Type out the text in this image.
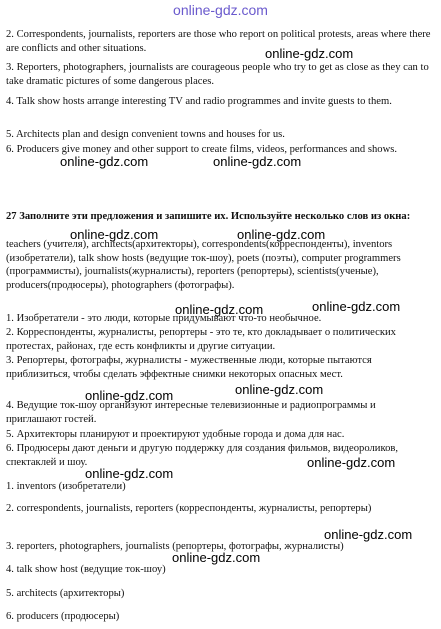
online-gdz.com

2. Correspondents, journalists, reporters are those who report on political protests, areas where there are conflicts and other situations.

3. Reporters, photographers, journalists are courageous people who try to get as close as they can to take dramatic pictures of some dangerous places.

4. Talk show hosts arrange interesting TV and radio programmes and invite guests to them.

5. Architects plan and design convenient towns and houses for us.

6. Producers give money and other support to create films, videos, performances and shows.

27 Заполните эти предложения и запишите их. Используйте несколько слов из окна:

teachers (учителя), architects(архитекторы), correspondents(корреспонденты), inventors (изобретатели), talk show hosts (ведущие ток-шоу), poets (поэты), computer programmers (программисты), journalists(журналисты), reporters (репортеры), scientists(ученые), producers(продюсеры), photographers (фотографы).

1. Изобретатели - это люди, которые придумывают что-то необычное.

2. Корреспонденты, журналисты, репортеры - это те, кто докладывает о политических протестах, районах, где есть конфликты и другие ситуации.

3. Репортеры, фотографы, журналисты - мужественные люди, которые пытаются приблизиться, чтобы сделать эффектные снимки некоторых опасных мест.

4. Ведущие ток-шоу организуют интересные телевизионные и радиопрограммы и приглашают гостей.

5. Архитекторы планируют и проектируют удобные города и дома для нас.

6. Продюсеры дают деньги и другую поддержку для создания фильмов, видеороликов, спектаклей и шоу.

1. inventors (изобретатели)

2. correspondents, journalists, reporters (корреспонденты, журналисты, репортеры)

3. reporters, photographers, journalists (репортеры, фотографы, журналисты)

4. talk show host (ведущие ток-шоу)

5. architects (архитекторы)

6. producers (продюсеры)

online-gdz.com
online-gdz.com	online-gdz.com
online-gdz.com	online-gdz.com
online-gdz.com	online-gdz.com
online-gdz.com	online-gdz.com
online-gdz.com
online-gdz.com
online-gdz.com
online-gdz.com
